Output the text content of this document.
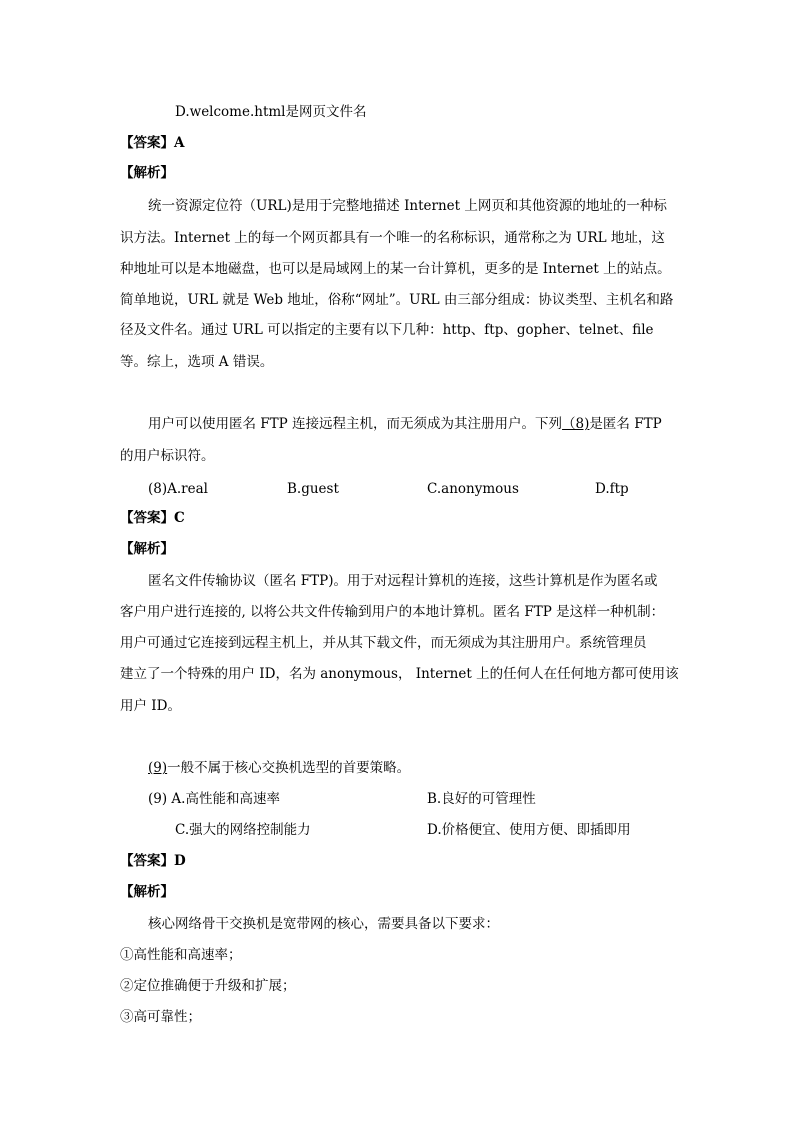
D.welcome.html是网页文件名
【答案】A
【解析】
统一资源定位符（URL)是用于完整地描述 Internet 上网页和其他资源的地址的一种标
识方法。Internet 上的每一个网页都具有一个唯一的名称标识，通常称之为 URL 地址，这
种地址可以是本地磁盘，也可以是局域网上的某一台计算机，更多的是 Internet 上的站点。
简单地说，URL 就是 Web 地址，俗称“网址”。URL 由三部分组成：协议类型、主机名和路
径及文件名。通过 URL 可以指定的主要有以下几种：http、ftp、gopher、telnet、file
等。综上，选项 A 错误。
用户可以使用匿名 FTP 连接远程主机，而无须成为其注册用户。下列（8)是匿名 FTP
的用户标识符。
(8)A.real	B.guest	C.anonymous	D.ftp
【答案】C
【解析】
匿名文件传输协议（匿名 FTP)。用于对远程计算机的连接，这些计算机是作为匿名或
客户用户进行连接的, 以将公共文件传输到用户的本地计算机。匿名 FTP 是这样一种机制：
用户可通过它连接到远程主机上，并从其下载文件，而无须成为其注册用户。系统管理员
建立了一个特殊的用户 ID，名为 anonymous， Internet 上的任何人在任何地方都可使用该
用户 ID。
(9)一般不属于核心交换机选型的首要策略。
(9) A.高性能和高速率	B.良好的可管理性
C.强大的网络控制能力	D.价格便宜、使用方便、即插即用
【答案】D
【解析】
核心网络骨干交换机是宽带网的核心，需要具备以下要求：
①高性能和高速率；
②定位推确便于升级和扩展；
③高可靠性；
